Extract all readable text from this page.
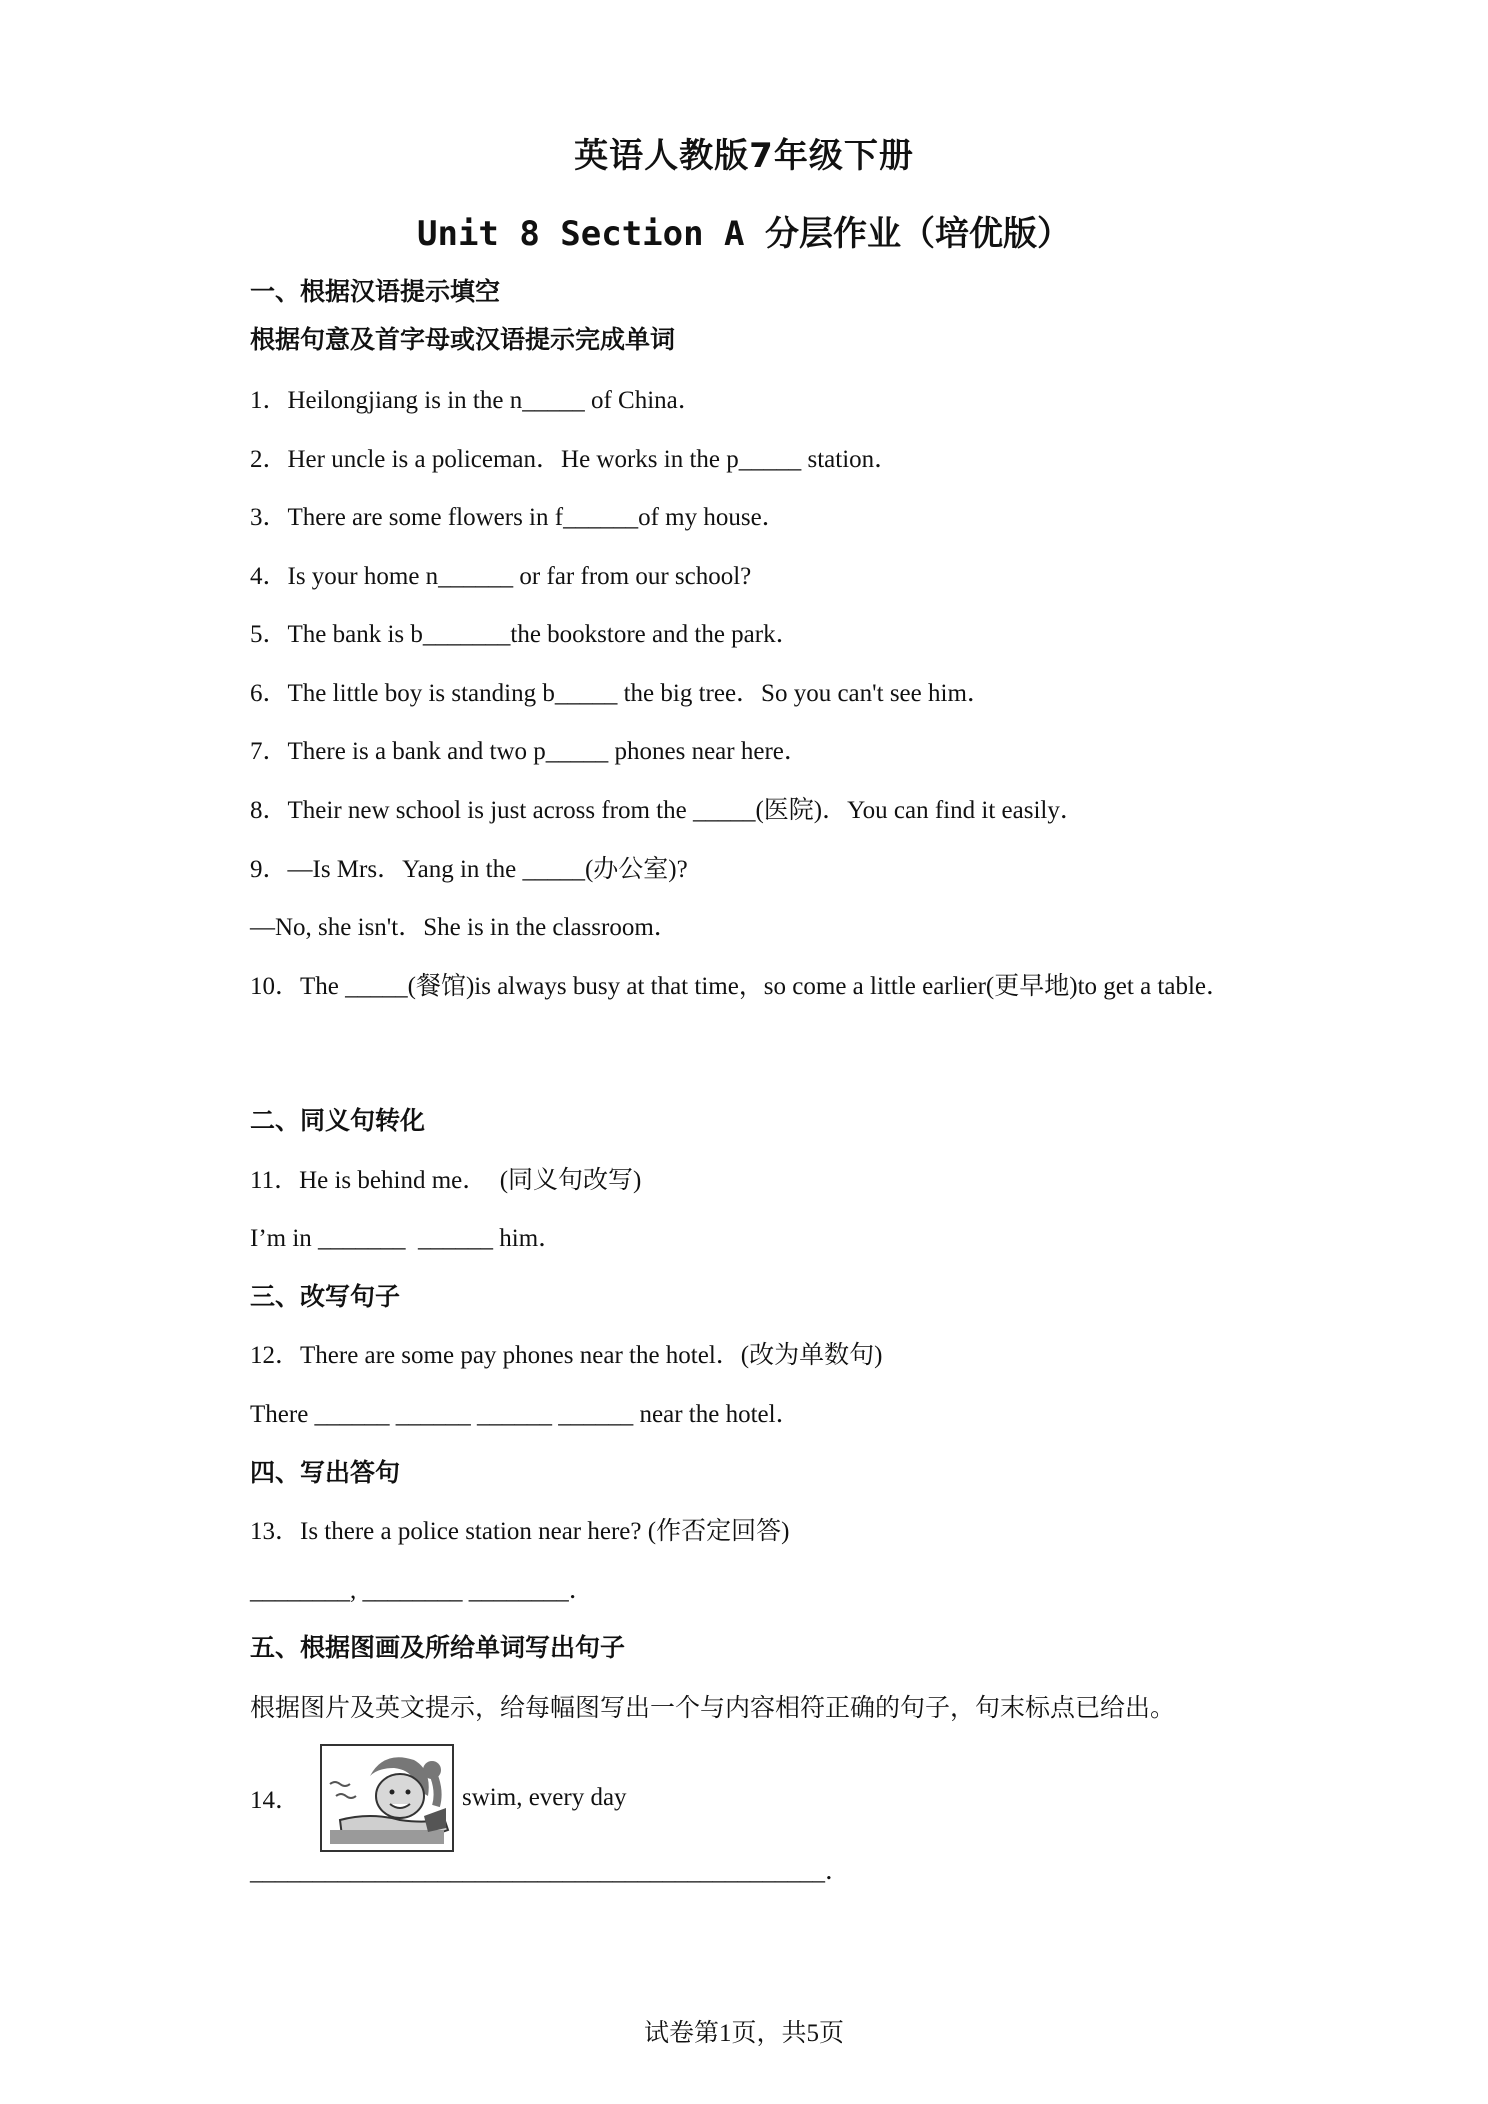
英语人教版7年级下册
Unit 8 Section A 分层作业（培优版）
一、根据汉语提示填空
根据句意及首字母或汉语提示完成单词
1．Heilongjiang is in the n_____ of China．
2．Her uncle is a policeman．He works in the p_____ station．
3．There are some flowers in f______of my house．
4．Is your home n______ or far from our school?
5．The bank is b_______the bookstore and the park．
6．The little boy is standing b_____ the big tree．So you can't see him．
7．There is a bank and two p_____ phones near here．
8．Their new school is just across from the _____(医院)．You can find it easily．
9．—Is Mrs．Yang in the _____(办公室)?
—No, she isn't．She is in the classroom．
10．The _____(餐馆)is always busy at that time，so come a little earlier(更早地)to get a table．
二、同义句转化
11．He is behind me．  (同义句改写)
I’m in _______  ______ him．
三、改写句子
12．There are some pay phones near the hotel．(改为单数句)
There ______ ______ ______ ______ near the hotel．
四、写出答句
13．Is there a police station near here? (作否定回答)
________, ________ ________．
五、根据图画及所给单词写出句子
根据图片及英文提示，给每幅图写出一个与内容相符正确的句子，句末标点已给出。
14．	swim, every day
______________________________________________．
试卷第1页，共5页
